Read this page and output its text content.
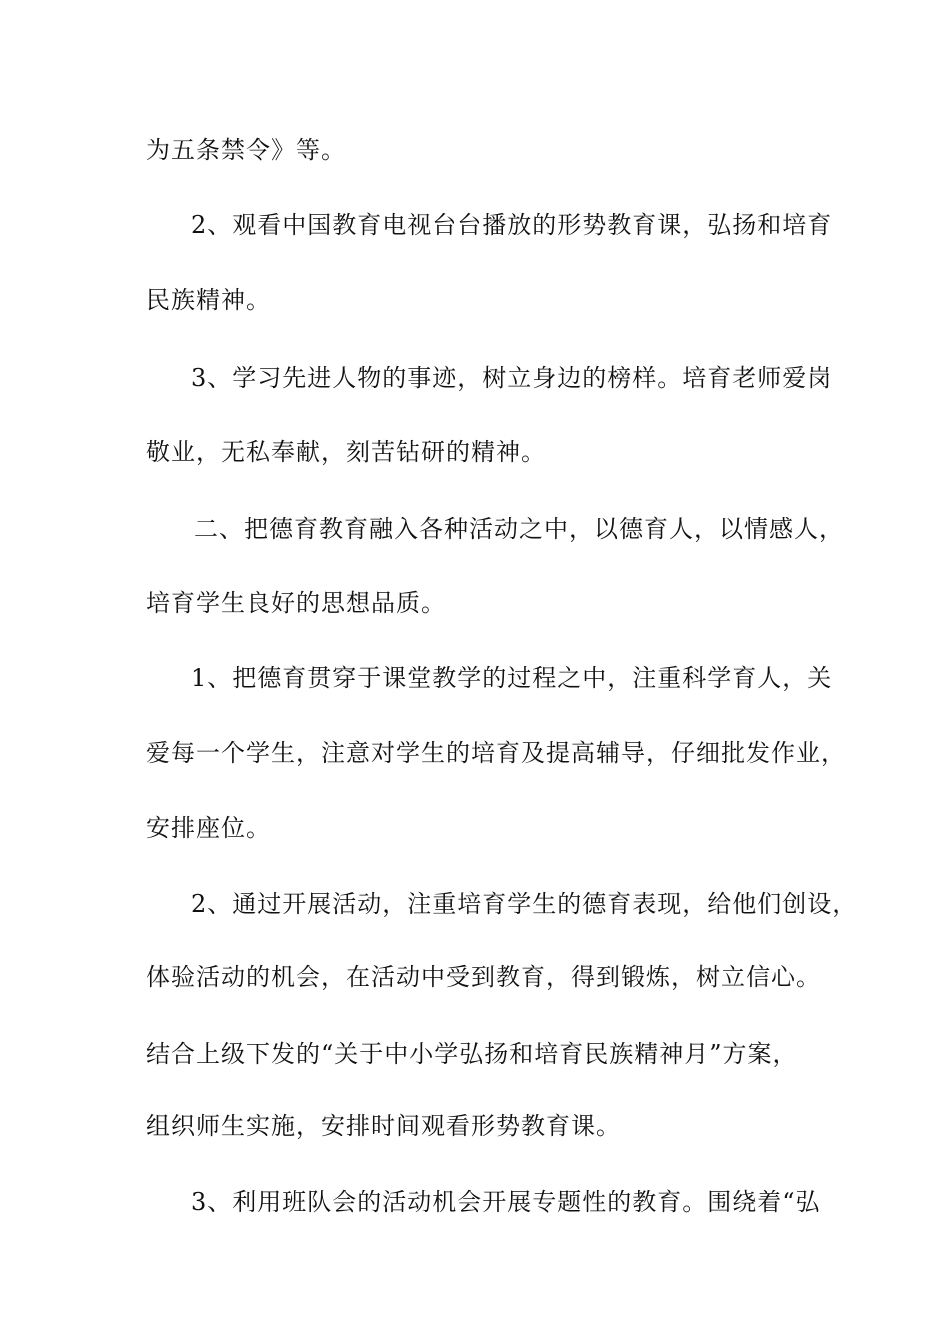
为五条禁令》等。
2、观看中国教育电视台台播放的形势教育课，弘扬和培育
民族精神。
3、学习先进人物的事迹，树立身边的榜样。培育老师爱岗
敬业，无私奉献，刻苦钻研的精神。
二、把德育教育融入各种活动之中，以德育人，以情感人，
培育学生良好的思想品质。
1、把德育贯穿于课堂教学的过程之中，注重科学育人，关
爱每一个学生，注意对学生的培育及提高辅导，仔细批发作业，
安排座位。
2、通过开展活动，注重培育学生的德育表现，给他们创设，
体验活动的机会，在活动中受到教育，得到锻炼，树立信心。
结合上级下发的“关于中小学弘扬和培育民族精神月”方案，
组织师生实施，安排时间观看形势教育课。
3、利用班队会的活动机会开展专题性的教育。围绕着“弘
